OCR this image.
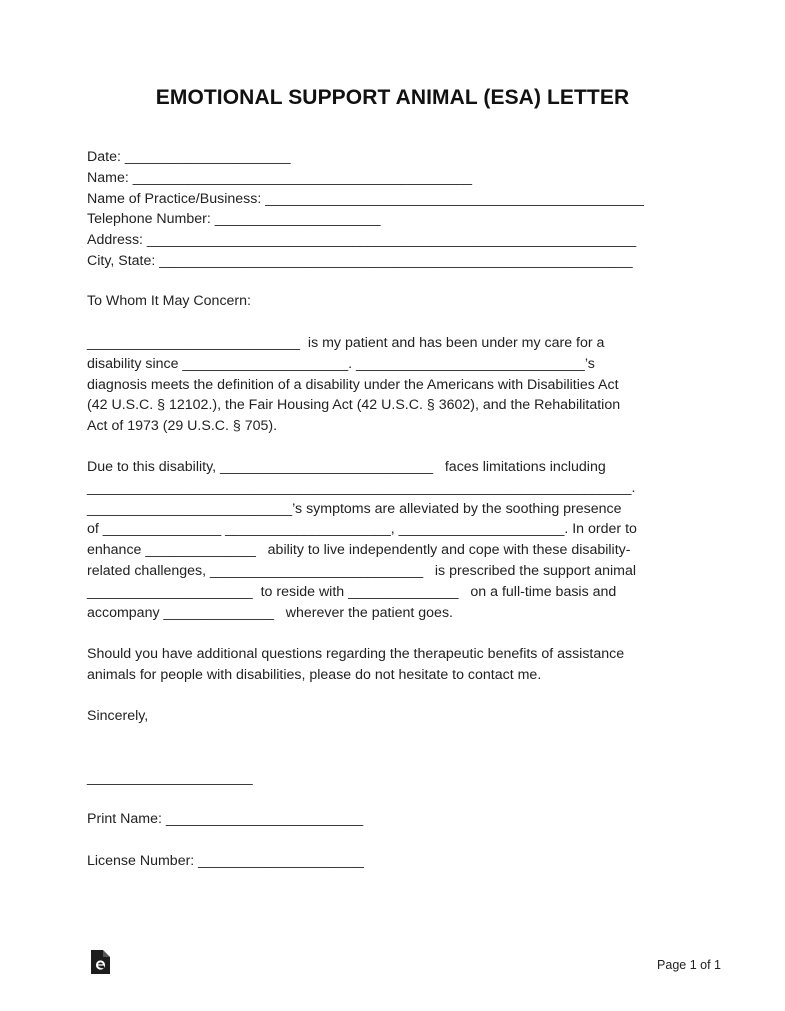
EMOTIONAL SUPPORT ANIMAL (ESA) LETTER
Date: _____________________
Name: ___________________________________________
Name of Practice/Business: ________________________________________________
Telephone Number: _____________________
Address: ______________________________________________________________
City, State: ____________________________________________________________
To Whom It May Concern:
___________________________  is my patient and has been under my care for a
disability since _____________________. _____________________________’s
diagnosis meets the definition of a disability under the Americans with Disabilities Act
(42 U.S.C. § 12102.), the Fair Housing Act (42 U.S.C. § 3602), and the Rehabilitation
Act of 1973 (29 U.S.C. § 705).
Due to this disability, ___________________________   faces limitations including
_____________________________________________________________________.
__________________________’s symptoms are alleviated by the soothing presence
of _______________ _____________________, _____________________. In order to
enhance ______________   ability to live independently and cope with these disability-
related challenges, ___________________________   is prescribed the support animal
_____________________  to reside with ______________   on a full-time basis and
accompany ______________   wherever the patient goes.
Should you have additional questions regarding the therapeutic benefits of assistance
animals for people with disabilities, please do not hesitate to contact me.
Sincerely,
_____________________
Print Name: _________________________
License Number: _____________________
Page 1 of 1
